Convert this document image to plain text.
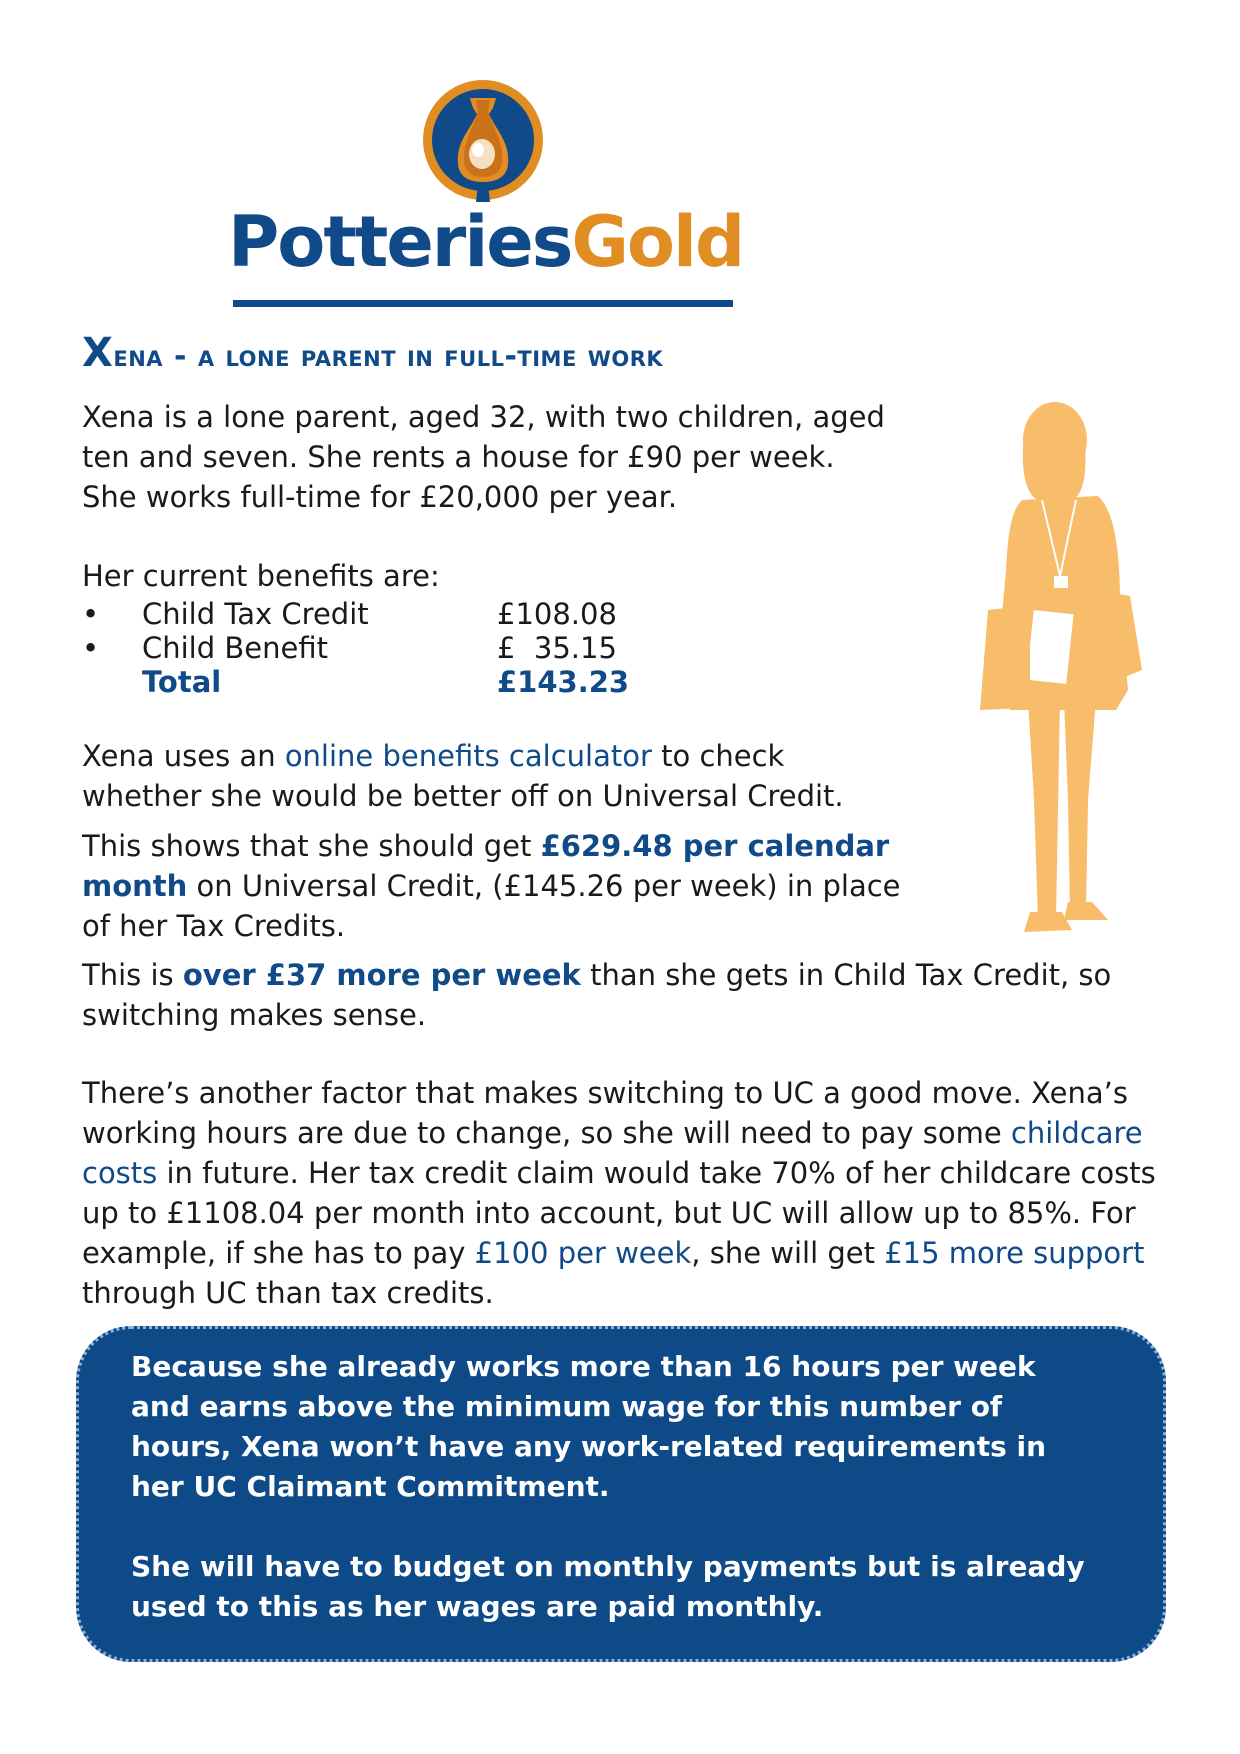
PotteriesGold
Xena - a lone parent in full-time work
Xena is a lone parent, aged 32, with two children, aged
ten and seven. She rents a house for £90 per week.
She works full-time for £20,000 per year.
Her current benefits are:
• Child Tax Credit	£108.08
• Child Benefit	£  35.15
Total	£143.23
Xena uses an online benefits calculator to check
whether she would be better off on Universal Credit.
This shows that she should get £629.48 per calendar
month on Universal Credit, (£145.26 per week) in place
of her Tax Credits.
This is over £37 more per week than she gets in Child Tax Credit, so
switching makes sense.
There’s another factor that makes switching to UC a good move. Xena’s
working hours are due to change, so she will need to pay some childcare
costs in future. Her tax credit claim would take 70% of her childcare costs
up to £1108.04 per month into account, but UC will allow up to 85%. For
example, if she has to pay £100 per week, she will get £15 more support
through UC than tax credits.

Because she already works more than 16 hours per week and earns above the minimum wage for this number of hours, Xena won’t have any work-related requirements in her UC Claimant Commitment.

She will have to budget on monthly payments but is already used to this as her wages are paid monthly.
